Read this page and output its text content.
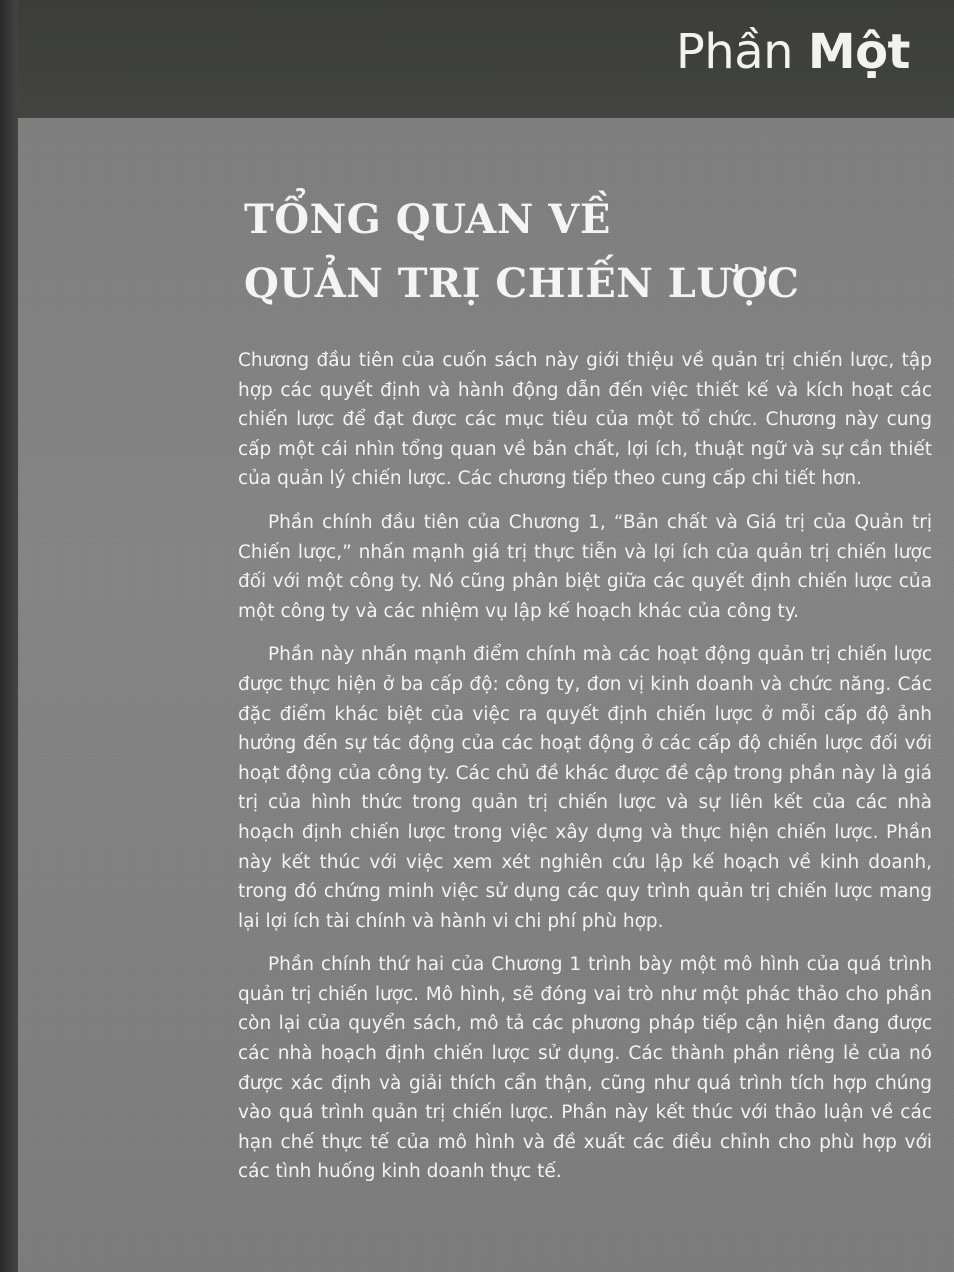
Phần Một
TỔNG QUAN VỀ
QUẢN TRỊ CHIẾN LƯỢC

Chương đầu tiên của cuốn sách này giới thiệu về quản trị chiến lược, tập hợp các quyết định và hành động dẫn đến việc thiết kế và kích hoạt các chiến lược để đạt được các mục tiêu của một tổ chức. Chương này cung cấp một cái nhìn tổng quan về bản chất, lợi ích, thuật ngữ và sự cần thiết của quản lý chiến lược. Các chương tiếp theo cung cấp chi tiết hơn.

Phần chính đầu tiên của Chương 1, “Bản chất và Giá trị của Quản trị Chiến lược,” nhấn mạnh giá trị thực tiễn và lợi ích của quản trị chiến lược đối với một công ty. Nó cũng phân biệt giữa các quyết định chiến lược của một công ty và các nhiệm vụ lập kế hoạch khác của công ty.

Phần này nhấn mạnh điểm chính mà các hoạt động quản trị chiến lược được thực hiện ở ba cấp độ: công ty, đơn vị kinh doanh và chức năng. Các đặc điểm khác biệt của việc ra quyết định chiến lược ở mỗi cấp độ ảnh hưởng đến sự tác động của các hoạt động ở các cấp độ chiến lược đối với hoạt động của công ty. Các chủ đề khác được đề cập trong phần này là giá trị của hình thức trong quản trị chiến lược và sự liên kết của các nhà hoạch định chiến lược trong việc xây dựng và thực hiện chiến lược. Phần này kết thúc với việc xem xét nghiên cứu lập kế hoạch về kinh doanh, trong đó chứng minh việc sử dụng các quy trình quản trị chiến lược mang lại lợi ích tài chính và hành vi chi phí phù hợp.

Phần chính thứ hai của Chương 1 trình bày một mô hình của quá trình quản trị chiến lược. Mô hình, sẽ đóng vai trò như một phác thảo cho phần còn lại của quyển sách, mô tả các phương pháp tiếp cận hiện đang được các nhà hoạch định chiến lược sử dụng. Các thành phần riêng lẻ của nó được xác định và giải thích cẩn thận, cũng như quá trình tích hợp chúng vào quá trình quản trị chiến lược. Phần này kết thúc với thảo luận về các hạn chế thực tế của mô hình và đề xuất các điều chỉnh cho phù hợp với các tình huống kinh doanh thực tế.
